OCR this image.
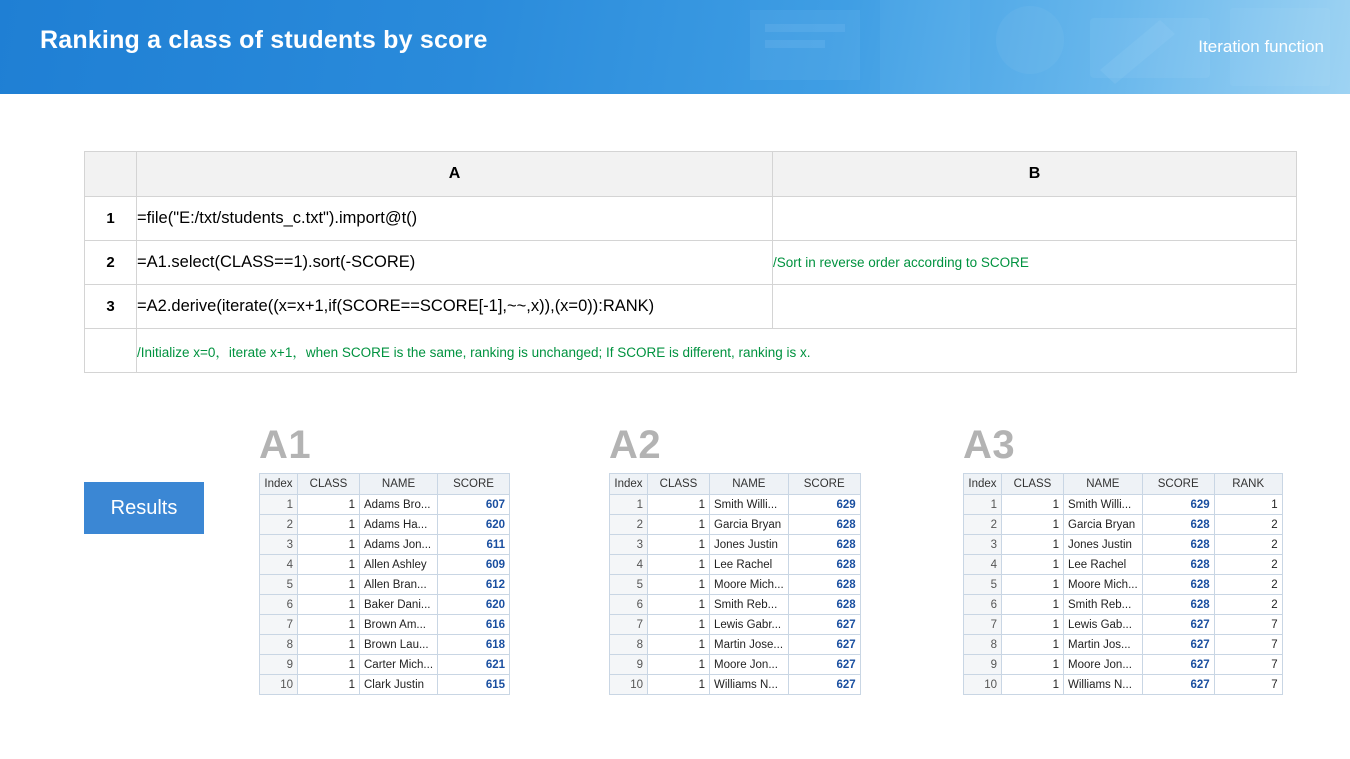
Ranking a class of students by score	Iteration function
	A	B
1	=file("E:/txt/students_c.txt").import@t()	
2	=A1.select(CLASS==1).sort(-SCORE)	/Sort in reverse order according to SCORE
3	=A2.derive(iterate((x=x+1,if(SCORE==SCORE[-1],~~,x)),(x=0)):RANK)	
	/Initialize x=0，iterate x+1，when SCORE is the same, ranking is unchanged; If SCORE is different, ranking is x.	
Results
A1
Index	CLASS	NAME	SCORE
1	1	Adams Bro...	607
2	1	Adams Ha...	620
3	1	Adams Jon...	611
4	1	Allen Ashley	609
5	1	Allen Bran...	612
6	1	Baker Dani...	620
7	1	Brown Am...	616
8	1	Brown Lau...	618
9	1	Carter Mich...	621
10	1	Clark Justin	615
A2
Index	CLASS	NAME	SCORE
1	1	Smith Willi...	629
2	1	Garcia Bryan	628
3	1	Jones Justin	628
4	1	Lee Rachel	628
5	1	Moore Mich...	628
6	1	Smith Reb...	628
7	1	Lewis Gabr...	627
8	1	Martin Jose...	627
9	1	Moore Jon...	627
10	1	Williams N...	627
A3
Index	CLASS	NAME	SCORE	RANK
1	1	Smith Willi...	629	1
2	1	Garcia Bryan	628	2
3	1	Jones Justin	628	2
4	1	Lee Rachel	628	2
5	1	Moore Mich...	628	2
6	1	Smith Reb...	628	2
7	1	Lewis Gab...	627	7
8	1	Martin Jos...	627	7
9	1	Moore Jon...	627	7
10	1	Williams N...	627	7
